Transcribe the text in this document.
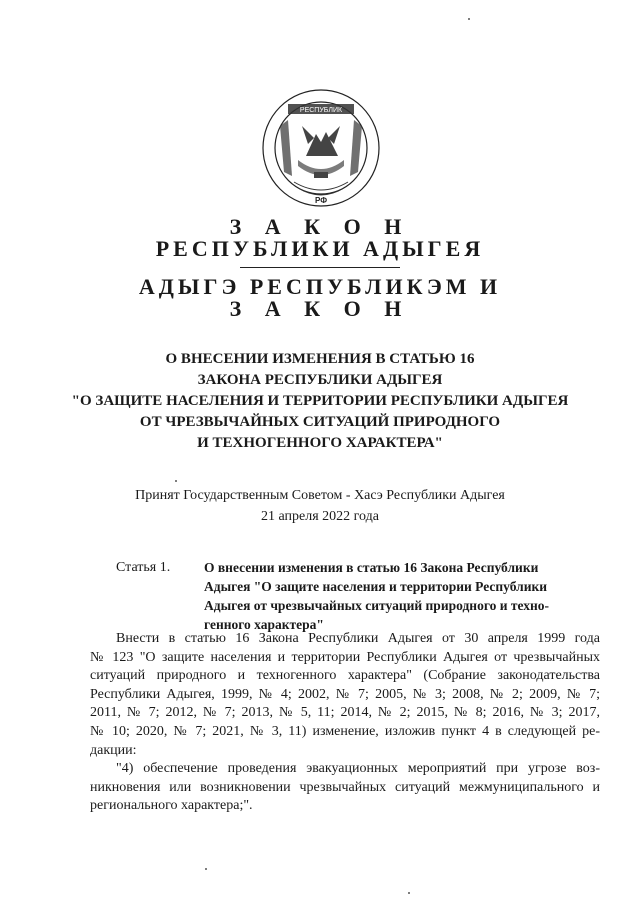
РЕСПУБЛИК
РФ
З А К О Н
РЕСПУБЛИКИ АДЫГЕЯ
АДЫГЭ РЕСПУБЛИКЭМ И
З А К О Н
О ВНЕСЕНИИ ИЗМЕНЕНИЯ В СТАТЬЮ 16
ЗАКОНА РЕСПУБЛИКИ АДЫГЕЯ
"О ЗАЩИТЕ НАСЕЛЕНИЯ И ТЕРРИТОРИИ РЕСПУБЛИКИ АДЫГЕЯ
ОТ ЧРЕЗВЫЧАЙНЫХ СИТУАЦИЙ ПРИРОДНОГО
И ТЕХНОГЕННОГО ХАРАКТЕРА"
Принят Государственным Советом - Хасэ Республики Адыгея
21 апреля 2022 года
Статья 1.	О внесении изменения в статью 16 Закона Республики
Адыгея "О защите населения и территории Республики
Адыгея от чрезвычайных ситуаций природного и техно-
генного характера"
Внести в статью 16 Закона Республики Адыгея от 30 апреля 1999 года
№ 123 "О защите населения и территории Республики Адыгея от чрезвычайных
ситуаций природного и техногенного характера" (Собрание законодательства
Республики Адыгея, 1999, № 4; 2002, № 7; 2005, № 3; 2008, № 2; 2009, № 7;
2011, № 7; 2012, № 7; 2013, № 5, 11; 2014, № 2; 2015, № 8; 2016, № 3; 2017,
№ 10; 2020, № 7; 2021, № 3, 11) изменение, изложив пункт 4 в следующей ре-
дакции:
"4) обеспечение проведения эвакуационных мероприятий при угрозе воз-
никновения или возникновении чрезвычайных ситуаций межмуниципального и
регионального характера;".
